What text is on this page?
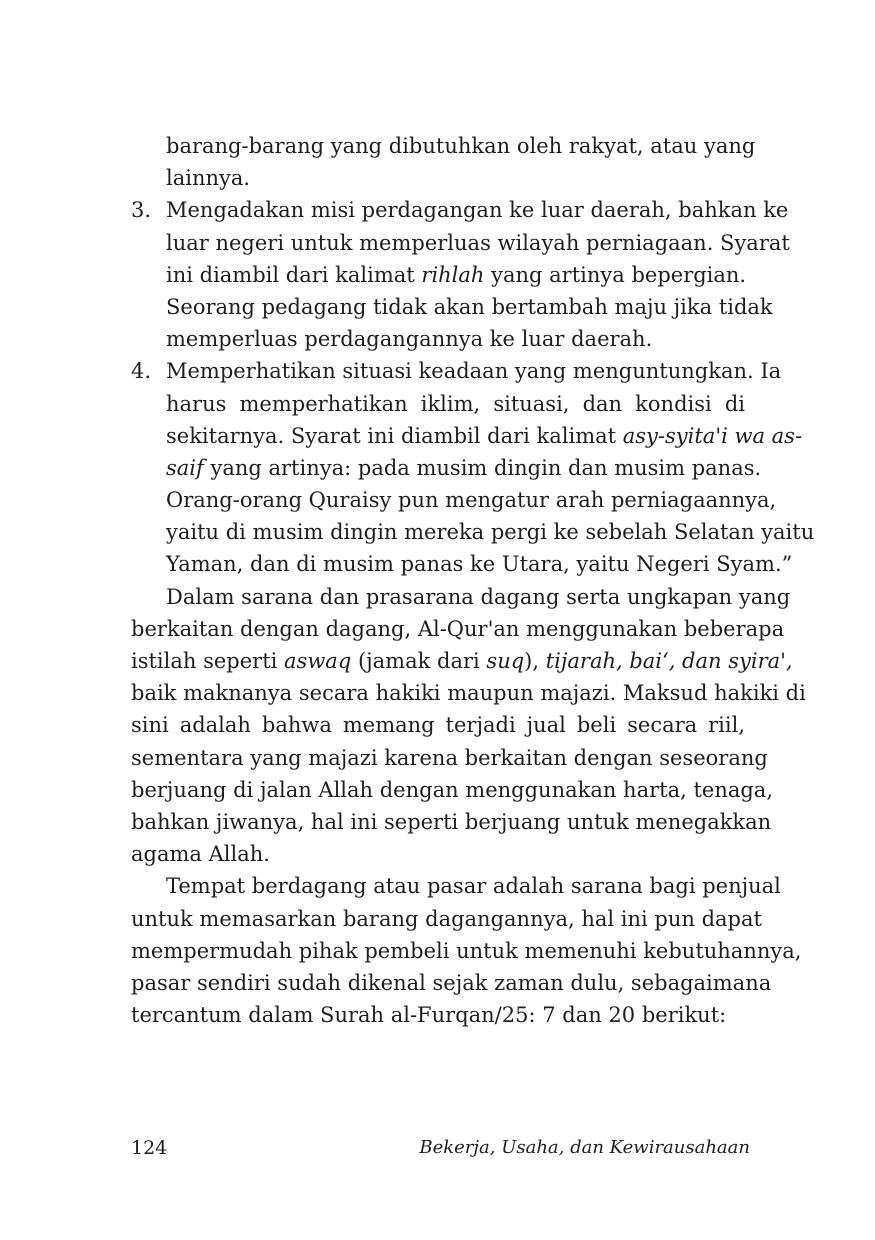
barang-barang yang dibutuhkan oleh rakyat, atau yang
lainnya.
3. Mengadakan misi perdagangan ke luar daerah, bahkan ke
luar negeri untuk memperluas wilayah perniagaan. Syarat
ini diambil dari kalimat rihlah yang artinya bepergian.
Seorang pedagang tidak akan bertambah maju jika tidak
memperluas perdagangannya ke luar daerah.
4. Memperhatikan situasi keadaan yang menguntungkan. Ia
harus memperhatikan iklim, situasi, dan kondisi di
sekitarnya. Syarat ini diambil dari kalimat asy-syita'i wa as-
saif yang artinya: pada musim dingin dan musim panas.
Orang-orang Quraisy pun mengatur arah perniagaannya,
yaitu di musim dingin mereka pergi ke sebelah Selatan yaitu
Yaman, dan di musim panas ke Utara, yaitu Negeri Syam.”
Dalam sarana dan prasarana dagang serta ungkapan yang
berkaitan dengan dagang, Al-Qur'an menggunakan beberapa
istilah seperti aswaq (jamak dari suq), tijarah, bai‘, dan syira',
baik maknanya secara hakiki maupun majazi. Maksud hakiki di
sini adalah bahwa memang terjadi jual beli secara riil,
sementara yang majazi karena berkaitan dengan seseorang
berjuang di jalan Allah dengan menggunakan harta, tenaga,
bahkan jiwanya, hal ini seperti berjuang untuk menegakkan
agama Allah.
Tempat berdagang atau pasar adalah sarana bagi penjual
untuk memasarkan barang dagangannya, hal ini pun dapat
mempermudah pihak pembeli untuk memenuhi kebutuhannya,
pasar sendiri sudah dikenal sejak zaman dulu, sebagaimana
tercantum dalam Surah al-Furqan/25: 7 dan 20 berikut:
124	Bekerja, Usaha, dan Kewirausahaan
